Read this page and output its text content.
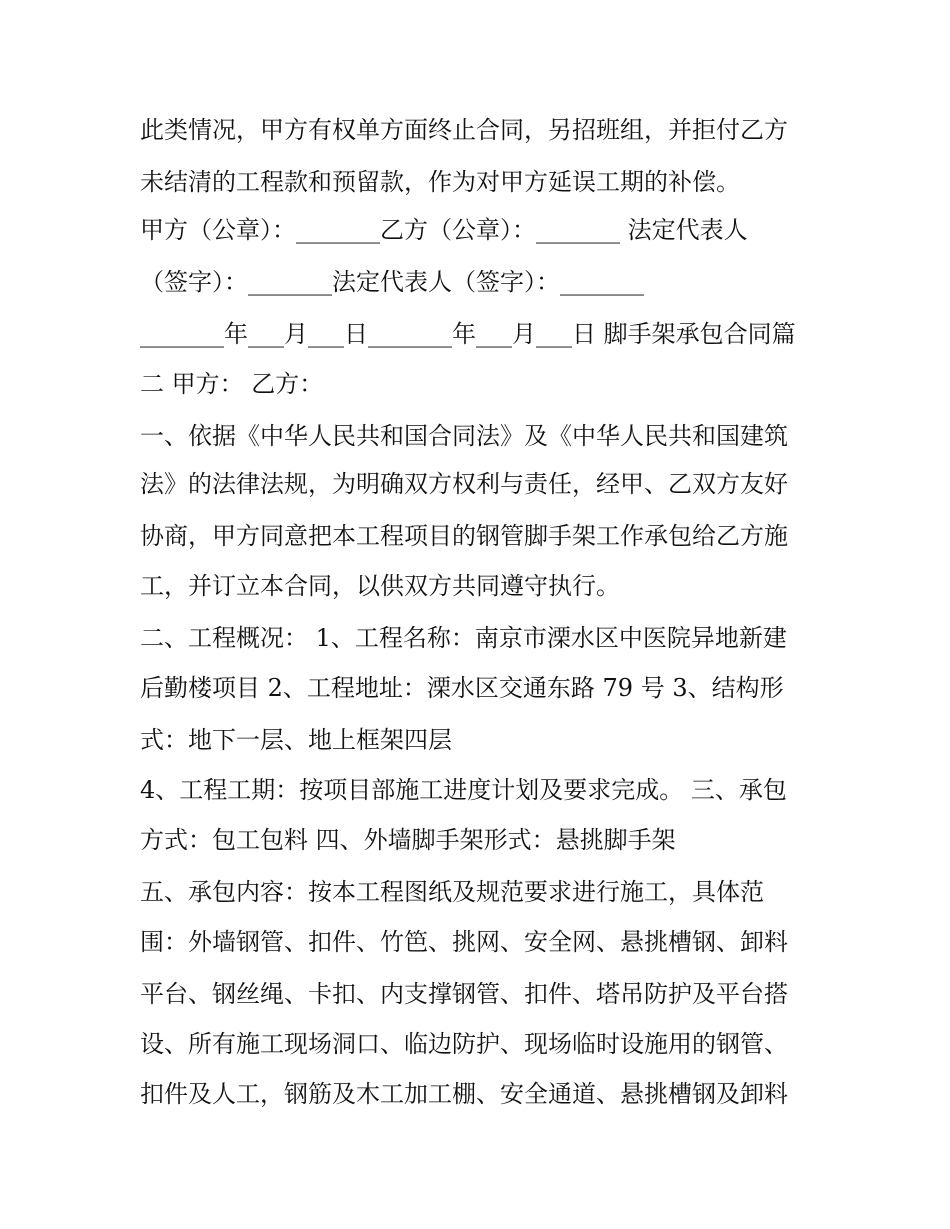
此类情况，甲方有权单方面终止合同，另招班组，并拒付乙方
未结清的工程款和预留款，作为对甲方延误工期的补偿。
甲方（公章）：_______乙方（公章）：_______ 法定代表人
（签字）：_______法定代表人（签字）：_______
_______年___月___日_______年___月___日 脚手架承包合同篇
二 甲方： 乙方：
一、依据《中华人民共和国合同法》及《中华人民共和国建筑
法》的法律法规，为明确双方权利与责任，经甲、乙双方友好
协商，甲方同意把本工程项目的钢管脚手架工作承包给乙方施
工，并订立本合同，以供双方共同遵守执行。
二、工程概况： 1、工程名称：南京市溧水区中医院异地新建
后勤楼项目 2、工程地址：溧水区交通东路 79 号 3、结构形
式：地下一层、地上框架四层
4、工程工期：按项目部施工进度计划及要求完成。 三、承包
方式：包工包料 四、外墙脚手架形式：悬挑脚手架
五、承包内容：按本工程图纸及规范要求进行施工，具体范
围：外墙钢管、扣件、竹笆、挑网、安全网、悬挑槽钢、卸料
平台、钢丝绳、卡扣、内支撑钢管、扣件、塔吊防护及平台搭
设、所有施工现场洞口、临边防护、现场临时设施用的钢管、
扣件及人工，钢筋及木工加工棚、安全通道、悬挑槽钢及卸料
